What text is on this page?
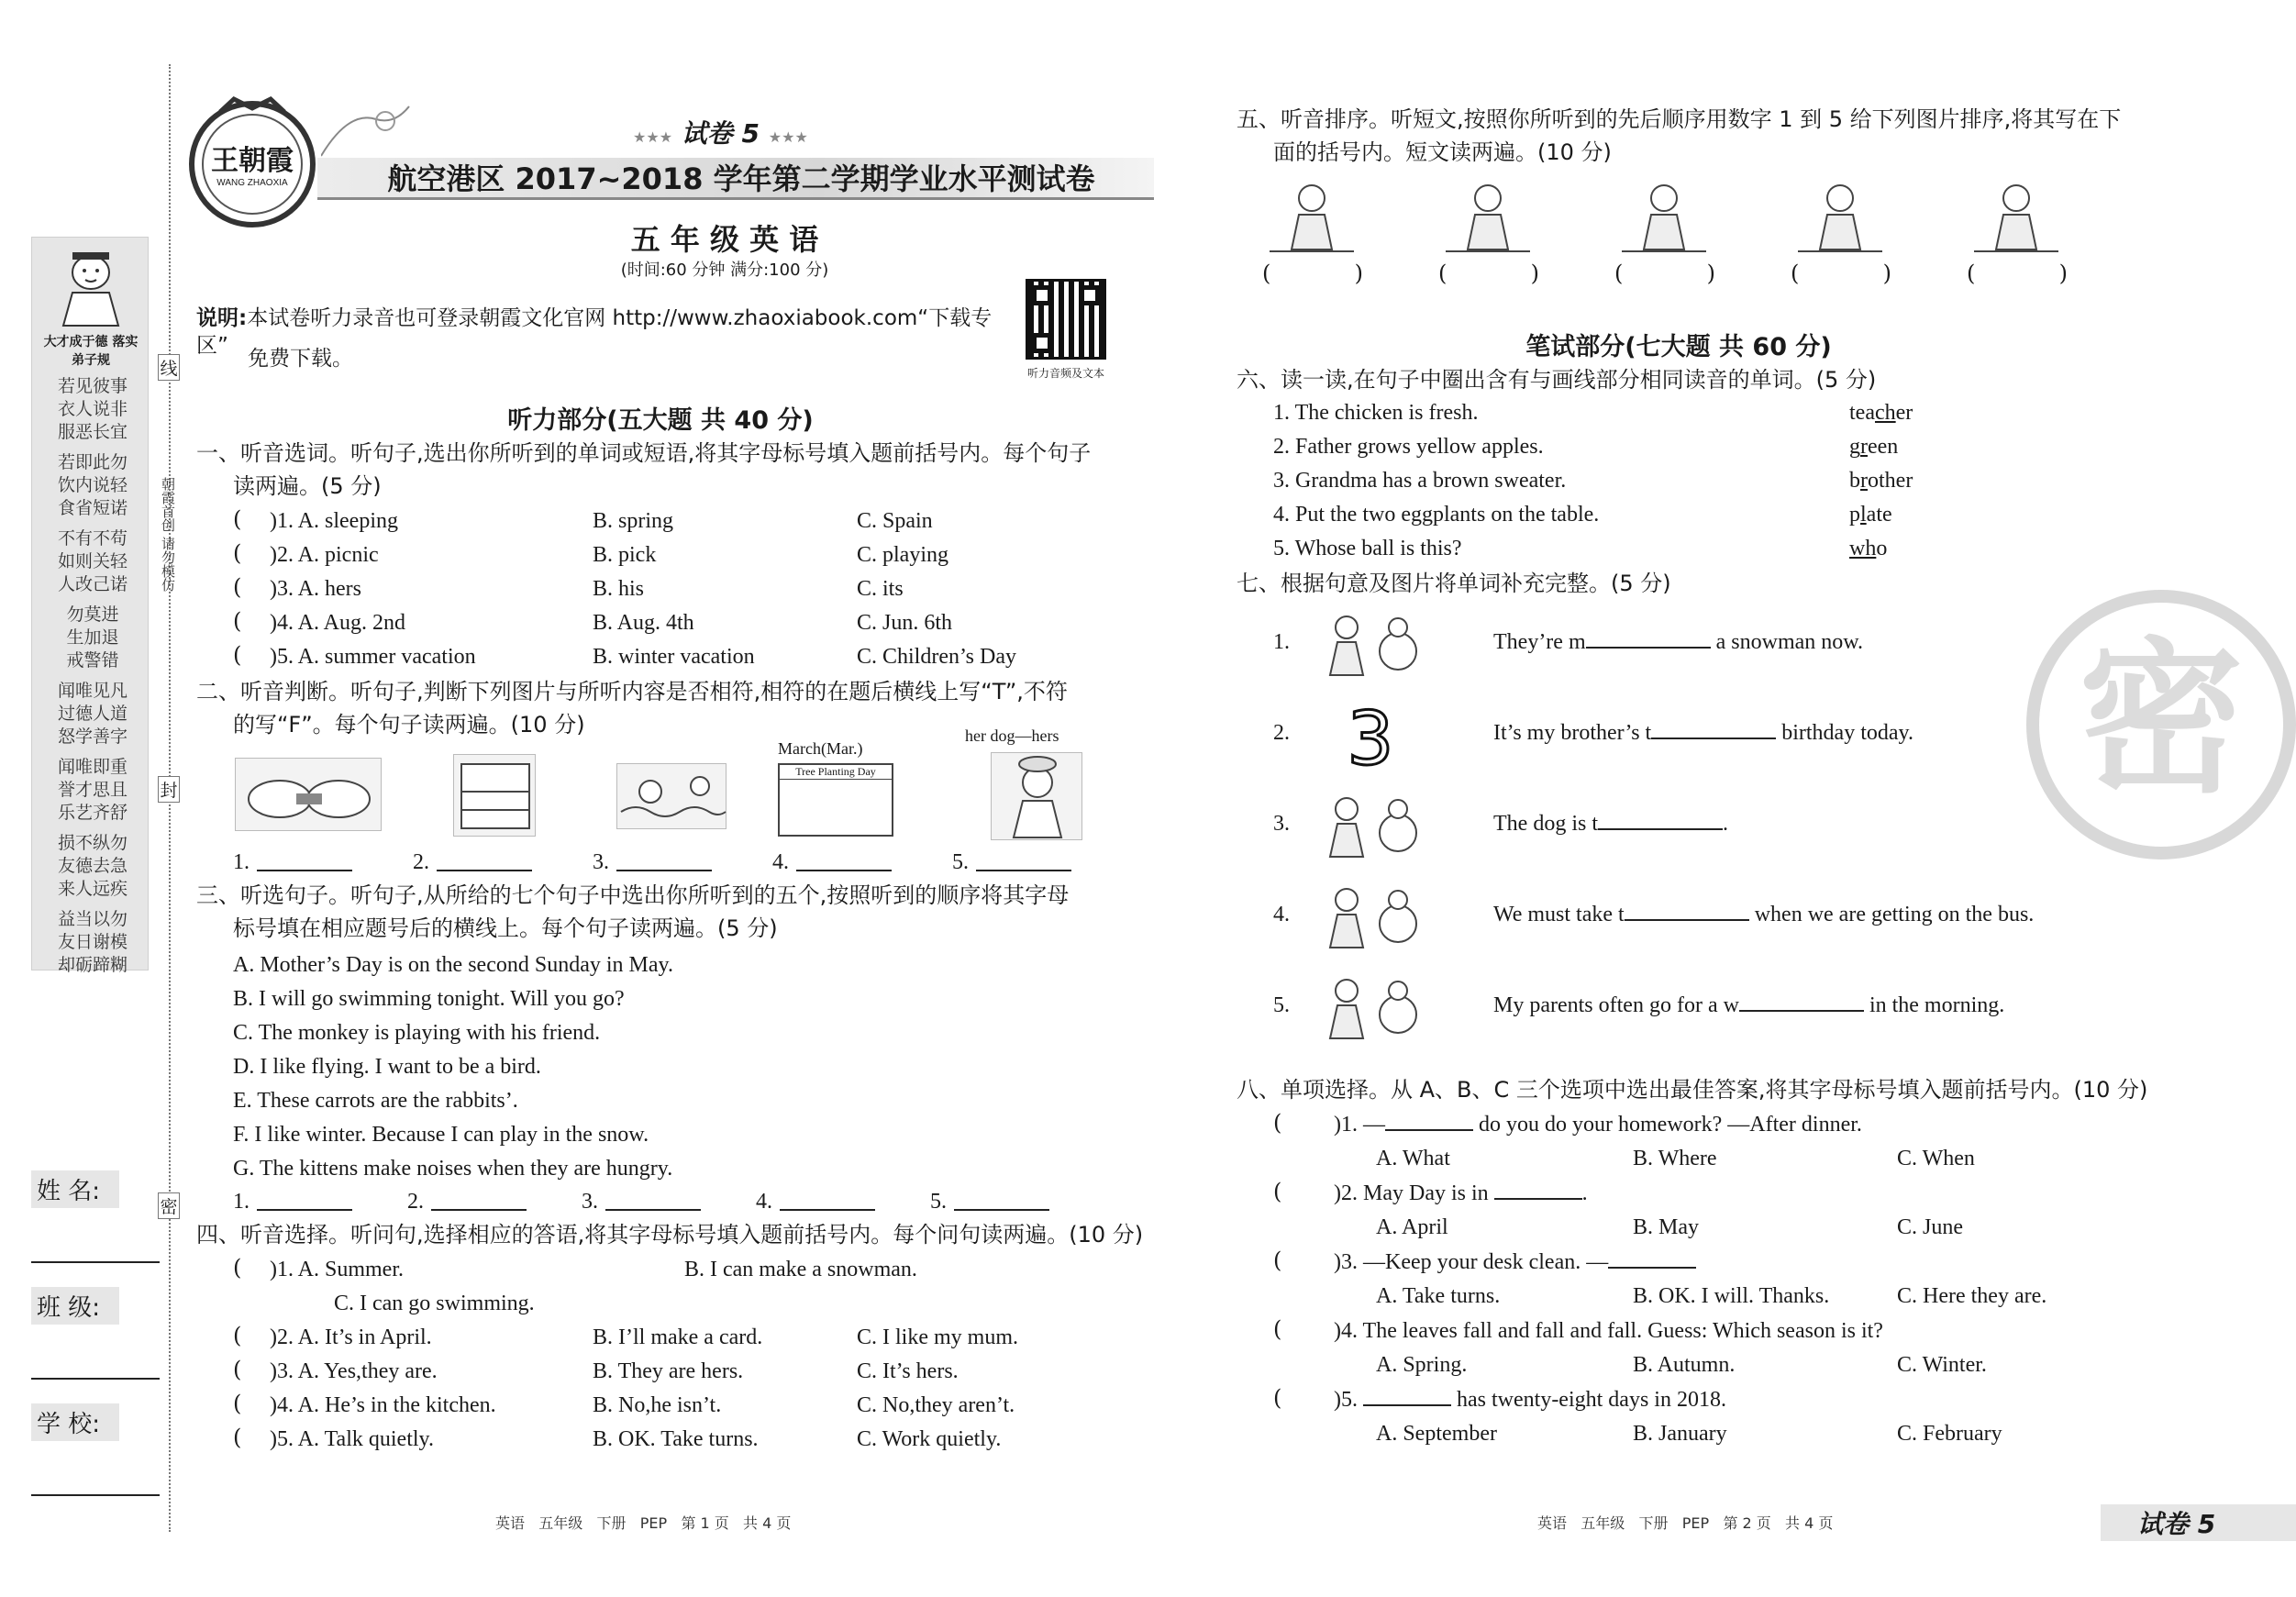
大才成于德 落实弟子规
若见彼事
衣人说非
服恶长宜
若即此勿
饮内说轻
食省短诺
不有不苟
如则关轻
人改己诺
勿莫进
生加退
戒警错
闻唯见凡
过德人道
怒学善字
闻唯即重
誉才思且
乐艺齐舒
损不纵勿
友德去急
来人远疾
益当以勿
友日谢模
却砺蹄糊
线
朝霞首创 请勿模仿
封
密
姓 名:
班 级:
学 校:
王朝霞
WANG ZHAOXIA
★★★ 试卷 5 ★★★
航空港区 2017~2018 学年第二学期学业水平测试卷
五 年 级 英 语
(时间:60 分钟 满分:100 分)
说明:本试卷听力录音也可登录朝霞文化官网 http://www.zhaoxiabook.com“下载专区”
免费下载。
听力音频及文本
听力部分(五大题 共 40 分)
一、听音选词。听句子,选出你所听到的单词或短语,将其字母标号填入题前括号内。每个句子
读两遍。(5 分)
( )1. A. sleeping	B. spring	C. Spain
( )2. A. picnic	B. pick	C. playing
( )3. A. hers	B. his	C. its
( )4. A. Aug. 2nd	B. Aug. 4th	C. Jun. 6th
( )5. A. summer vacation	B. winter vacation	C. Children’s Day
二、听音判断。听句子,判断下列图片与所听内容是否相符,相符的在题后横线上写“T”,不符
的写“F”。每个句子读两遍。(10 分)
March(Mar.)
Tree Planting Day
her dog—hers
1.	2.	3.	4.	5.
三、听选句子。听句子,从所给的七个句子中选出你所听到的五个,按照听到的顺序将其字母
标号填在相应题号后的横线上。每个句子读两遍。(5 分)
A. Mother’s Day is on the second Sunday in May.
B. I will go swimming tonight. Will you go?
C. The monkey is playing with his friend.
D. I like flying. I want to be a bird.
E. These carrots are the rabbits’.
F. I like winter. Because I can play in the snow.
G. The kittens make noises when they are hungry.
1.	2.	3.	4.	5.
四、听音选择。听问句,选择相应的答语,将其字母标号填入题前括号内。每个问句读两遍。(10 分)
( )1. A. Summer.	B. I can make a snowman.
C. I can go swimming.
( )2. A. It’s in April.	B. I’ll make a card.	C. I like my mum.
( )3. A. Yes,they are.	B. They are hers.	C. It’s hers.
( )4. A. He’s in the kitchen.	B. No,he isn’t.	C. No,they aren’t.
( )5. A. Talk quietly.	B. OK. Take turns.	C. Work quietly.
五、听音排序。听短文,按照你所听到的先后顺序用数字 1 到 5 给下列图片排序,将其写在下
面的括号内。短文读两遍。(10 分)
(	)	(	)	(	)	(	)	(	)
笔试部分(七大题 共 60 分)
六、读一读,在句子中圈出含有与画线部分相同读音的单词。(5 分)
1. The chicken is fresh.	teacher
2. Father grows yellow apples.	green
3. Grandma has a brown sweater.	brother
4. Put the two eggplants on the table.	plate
5. Whose ball is this?	who
七、根据句意及图片将单词补充完整。(5 分)
1.	They’re m	a snowman now.
2. 3	It’s my brother’s t	birthday today.
3.	The dog is t	.
4.	We must take t	when we are getting on the bus.
5.	My parents often go for a w	in the morning.
八、单项选择。从 A、B、C 三个选项中选出最佳答案,将其字母标号填入题前括号内。(10 分)
( )1. —	do you do your homework? —After dinner.
A. What	B. Where	C. When
( )2. May Day is in	.
A. April	B. May	C. June
( )3. —Keep your desk clean. —
A. Take turns.	B. OK. I will. Thanks.	C. Here they are.
( )4. The leaves fall and fall and fall. Guess: Which season is it?
A. Spring.	B. Autumn.	C. Winter.
( )5.	has twenty-eight days in 2018.
A. September	B. January	C. February
密
英语   五年级   下册   PEP   第 1 页   共 4 页	英语   五年级   下册   PEP   第 2 页   共 4 页	试卷 5
